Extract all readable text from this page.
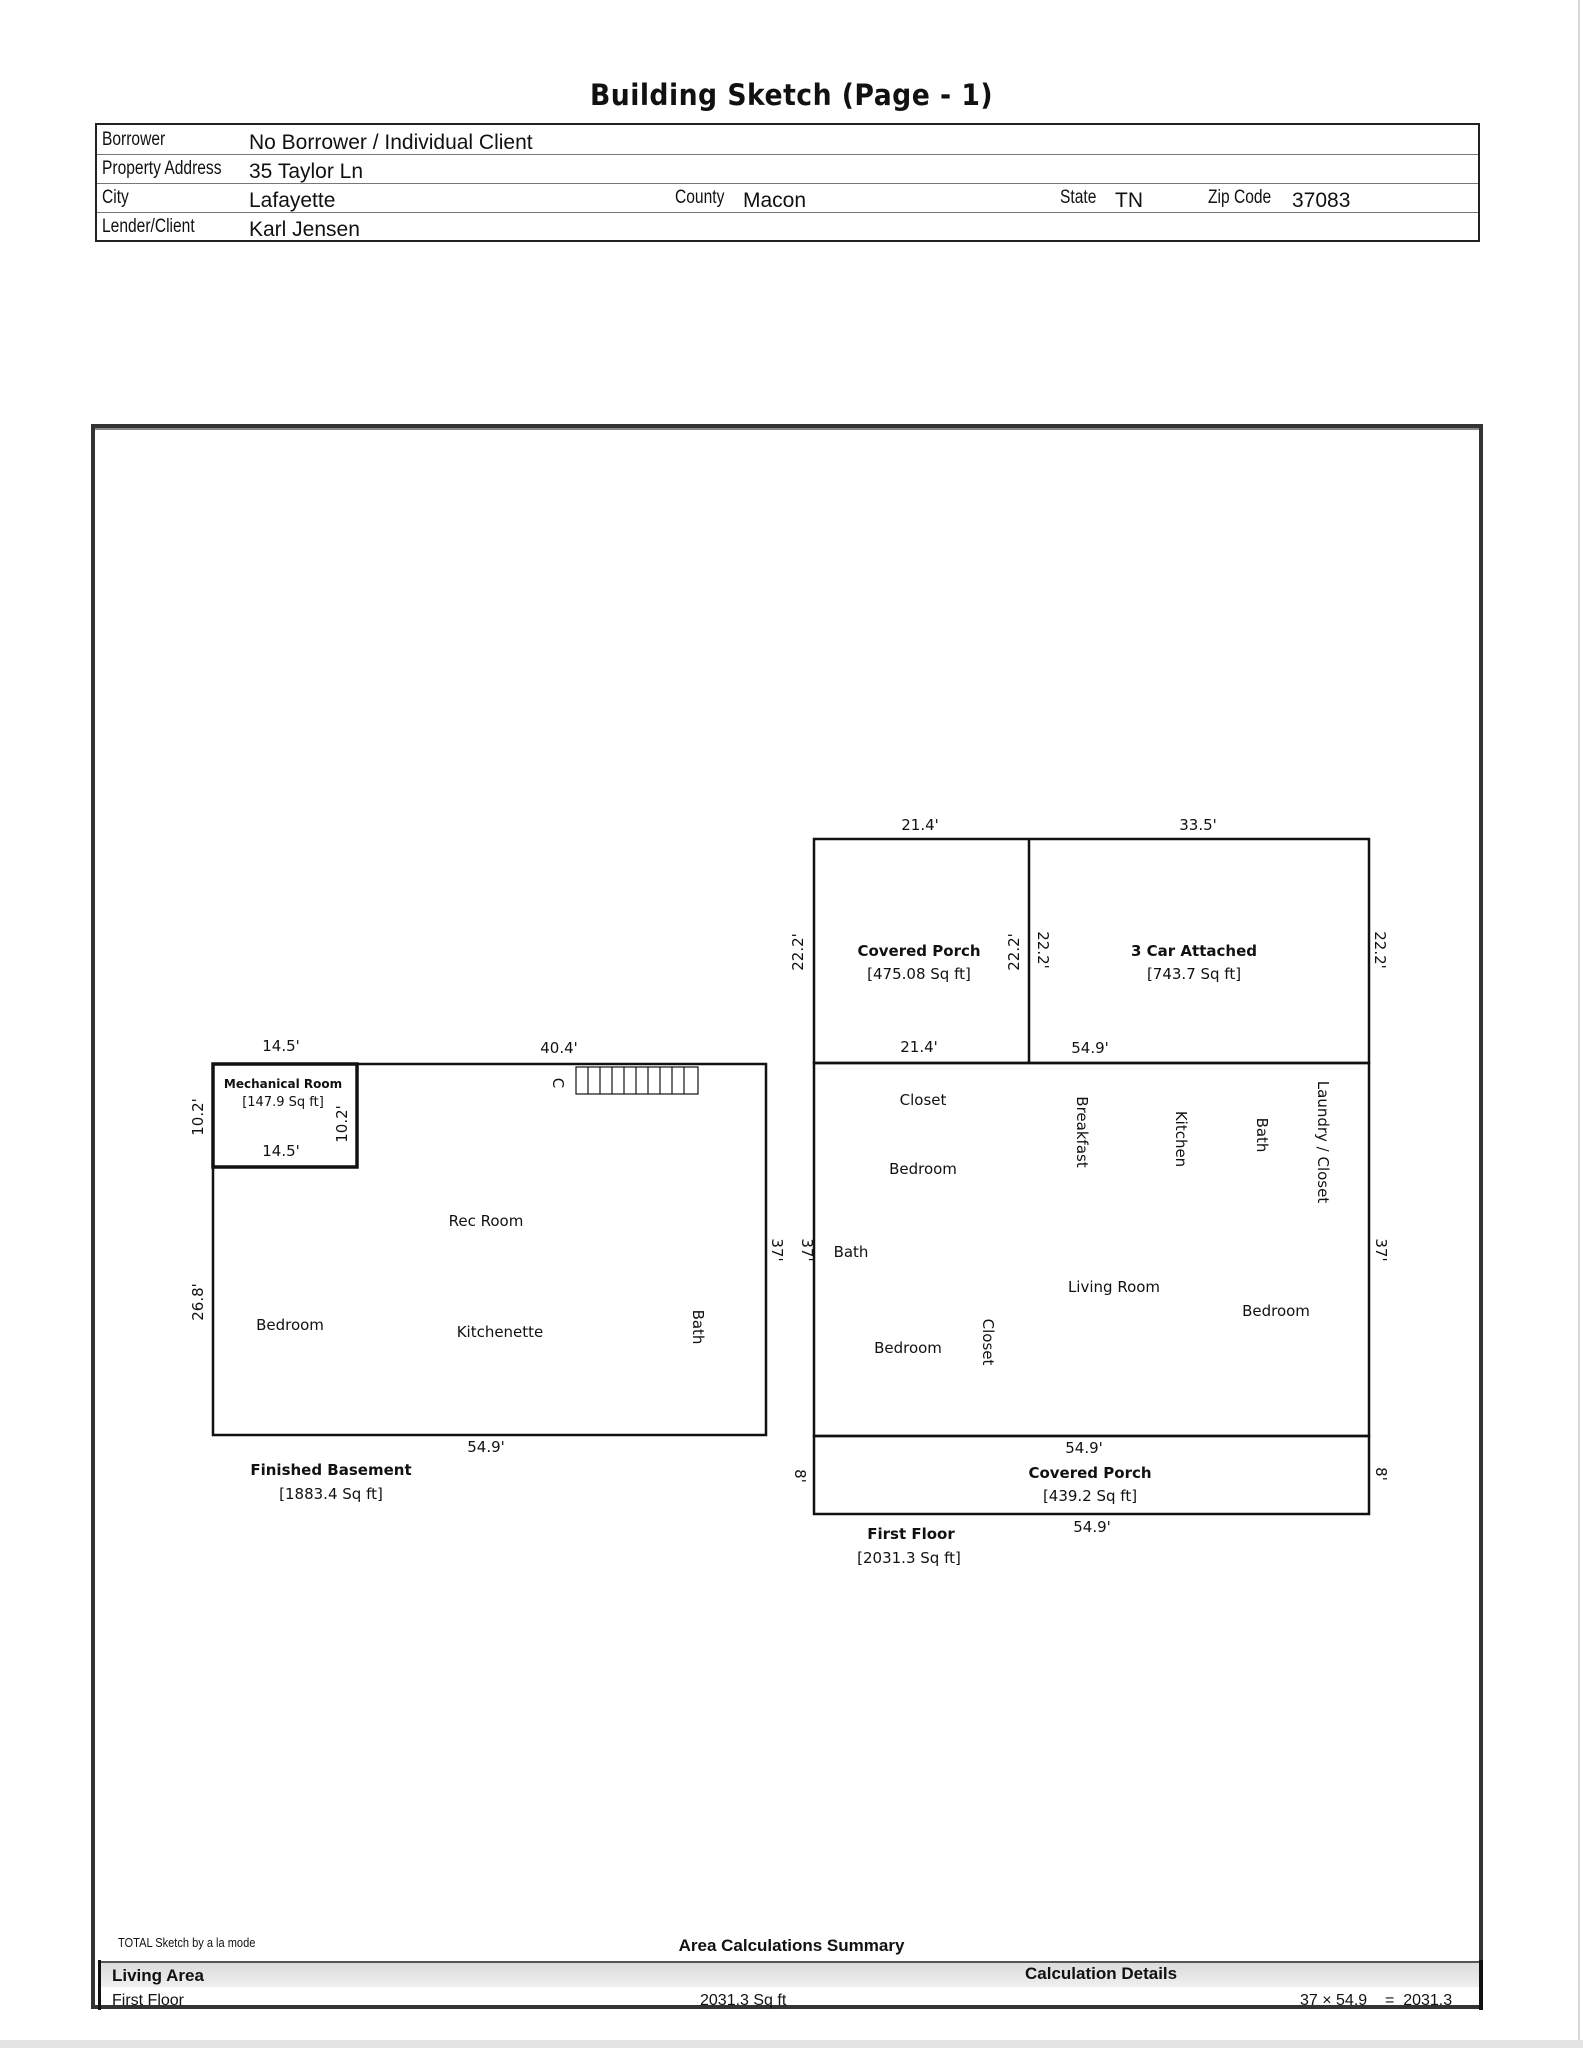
Building Sketch (Page - 1)
Borrower	No Borrower / Individual Client
Property Address 35 Taylor Ln
City	Lafayette	County Macon	State TN	Zip Code 37083
Lender/Client	Karl Jensen
14.5'	40.4'
10.2'	10.2'
14.5'
Mechanical Room
[147.9 Sq ft]
C
26.8'
37'
Rec Room
Bedroom	Kitchenette	Bath
54.9'
Finished Basement
[1883.4 Sq ft]
21.4'	33.5'
22.2'	22.2' 22.2'	22.2'
Covered Porch
[475.08 Sq ft]
3 Car Attached
[743.7 Sq ft]
21.4'	54.9'
Closet
Bedroom
Breakfast	Kitchen	Bath	Laundry / Closet
37'	37'
Bath
Living Room
Bedroom
Bedroom Closet
54.9'
8'	8'
Covered Porch
[439.2 Sq ft]
54.9'
First Floor
[2031.3 Sq ft]
TOTAL Sketch by a la mode	Area Calculations Summary
Living Area	Calculation Details
First Floor	2031.3 Sq ft	37 × 54.9    =  2031.3
